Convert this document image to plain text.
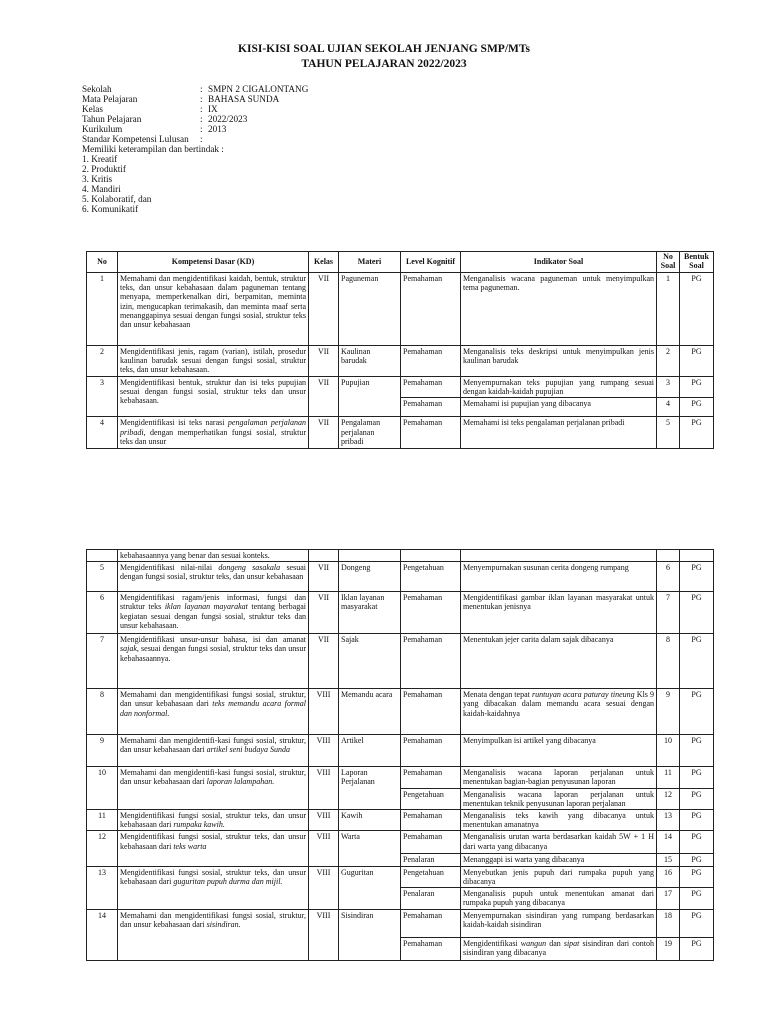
KISI-KISI SOAL UJIAN SEKOLAH JENJANG SMP/MTs
TAHUN PELAJARAN 2022/2023
Sekolah	: SMPN 2 CIGALONTANG
Mata Pelajaran	: BAHASA SUNDA
Kelas	: IX
Tahun Pelajaran	: 2022/2023
Kurikulum	: 2013
Standar Kompetensi Lulusan	:
Memiliki keterampilan dan bertindak :
1. Kreatif
2. Produktif
3. Kritis
4. Mandiri
5. Kolaboratif, dan
6. Komunikatif
No	Kompetensi Dasar (KD)	Kelas	Materi	Level Kognitif	Indikator Soal	No Soal	Bentuk Soal
1	Memahami dan mengidentifikasi kaidah, bentuk, struktur teks, dan unsur kebahasaan dalam paguneman tentang menyapa, memperkenalkan diri, berpamitan, meminta izin, mengucapkan terimakasih, dan meminta maaf serta menanggapinya sesuai dengan fungsi sosial, struktur teks dan unsur kebahasaan	VII	Paguneman	Pemahaman	Menganalisis wacana paguneman untuk menyimpulkan tema paguneman.	1	PG
2	Mengidentifikasi jenis, ragam (varian), istilah, prosedur kaulinan barudak sesuai dengan fungsi sosial, struktur teks, dan unsur kebahasaan.	VII	Kaulinan barudak	Pemahaman	Menganalisis teks deskripsi untuk menyimpulkan jenis kaulinan barudak	2	PG
3	Mengidentifikasi bentuk, struktur dan isi teks pupujian sesuai dengan fungsi sosial, struktur teks dan unsur kebahasaan.	VII	Pupujian	Pemahaman	Menyempurnakan teks pupujian yang rumpang sesuai dengan kaidah-kaidah pupujian	3	PG
				Pemahaman	Memahami isi pupujian yang dibacanya	4	PG
4	Mengidentifikasi isi teks narasi pengalaman perjalanan pribadi, dengan memperhatikan fungsi sosial, struktur teks dan unsur	VII	Pengalaman perjalanan pribadi	Pemahaman	Memahami isi teks pengalaman perjalanan pribadi	5	PG
	kebahasaannya yang benar dan sesuai konteks.						
5	Mengidentifikasi nilai-nilai dongeng sasakala sesuai dengan fungsi sosial, struktur teks, dan unsur kebahasaan	VII	Dongeng	Pengetahuan	Menyempurnakan susunan cerita dongeng rumpang	6	PG
6	Mengidentifikasi ragam/jenis informasi, fungsi dan struktur teks iklan layanan mayarakat tentang berbagai kegiatan sesuai dengan fungsi sosial, struktur teks dan unsur kebahasaan.	VII	Iklan layanan masyarakat	Pemahaman	Mengidentifikasi gambar iklan layanan masyarakat untuk menentukan jenisnya	7	PG
7	Mengidentifikasi unsur-unsur bahasa, isi dan amanat sajak, sesuai dengan fungsi sosial, struktur teks dan unsur kebahasaannya.	VII	Sajak	Pemahaman	Menentukan jejer carita dalam sajak dibacanya	8	PG
8	Memahami dan mengidentifikasi fungsi sosial, struktur, dan unsur kebahasaan dari teks memandu acara formal dan nonformal.	VIII	Memandu acara	Pemahaman	Menata dengan tepat runtuyan acara paturay tineung Kls 9 yang dibacakan dalam memandu acara sesuai dengan kaidah-kaidahnya	9	PG
9	Memahami dan mengidentifi-kasi fungsi sosial, struktur, dan unsur kebahasaan dari artikel seni budaya Sunda	VIII	Artikel	Pemahaman	Menyimpulkan isi artikel yang dibacanya	10	PG
10	Memahami dan mengidentifi-kasi fungsi sosial, struktur, dan unsur kebahasaan dari laporan lalampahan.	VIII	Laporan Perjalanan	Pemahaman	Menganalisis wacana laporan perjalanan untuk menentukan bagian-bagian penyusunan laporan	11	PG
				Pengetahuan	Menganalisis wacana laporan perjalanan untuk menentukan teknik penyusunan laporan perjalanan	12	PG
11	Mengidentifikasi fungsi sosial, struktur teks, dan unsur kebahasaan dari rumpaka kawih.	VIII	Kawih	Pemahaman	Menganalisis teks kawih yang dibacanya untuk menentukan amanatnya	13	PG
12	Mengidentifikasi fungsi sosial, struktur teks, dan unsur kebahasaan dari teks warta	VIII	Warta	Pemahaman	Menganalisis urutan warta berdasarkan kaidah 5W + 1 H dari warta yang dibacanya	14	PG
				Penalaran	Menanggapi isi warta yang dibacanya	15	PG
13	Mengidentifikasi fungsi sosial, struktur teks, dan unsur kebahasaan dari guguritan pupuh durma dan mijil.	VIII	Guguritan	Pengetahuan	Menyebutkan jenis pupuh dari rumpaka pupuh yang dibacanya	16	PG
				Penalaran	Menganalisis pupuh untuk menentukan amanat dari rumpaka pupuh yang dibacanya	17	PG
14	Memahami dan mengidentifikasi fungsi sosial, struktur, dan unsur kebahasaan dari sisindiran.	VIII	Sisindiran	Pemahaman	Menyempurnakan sisindiran yang rumpang berdasarkan kaidah-kaidah sisindiran	18	PG
				Pemahaman	Mengidentifikasi wangun dan sipat sisindiran dari contoh sisindiran yang dibacanya	19	PG
